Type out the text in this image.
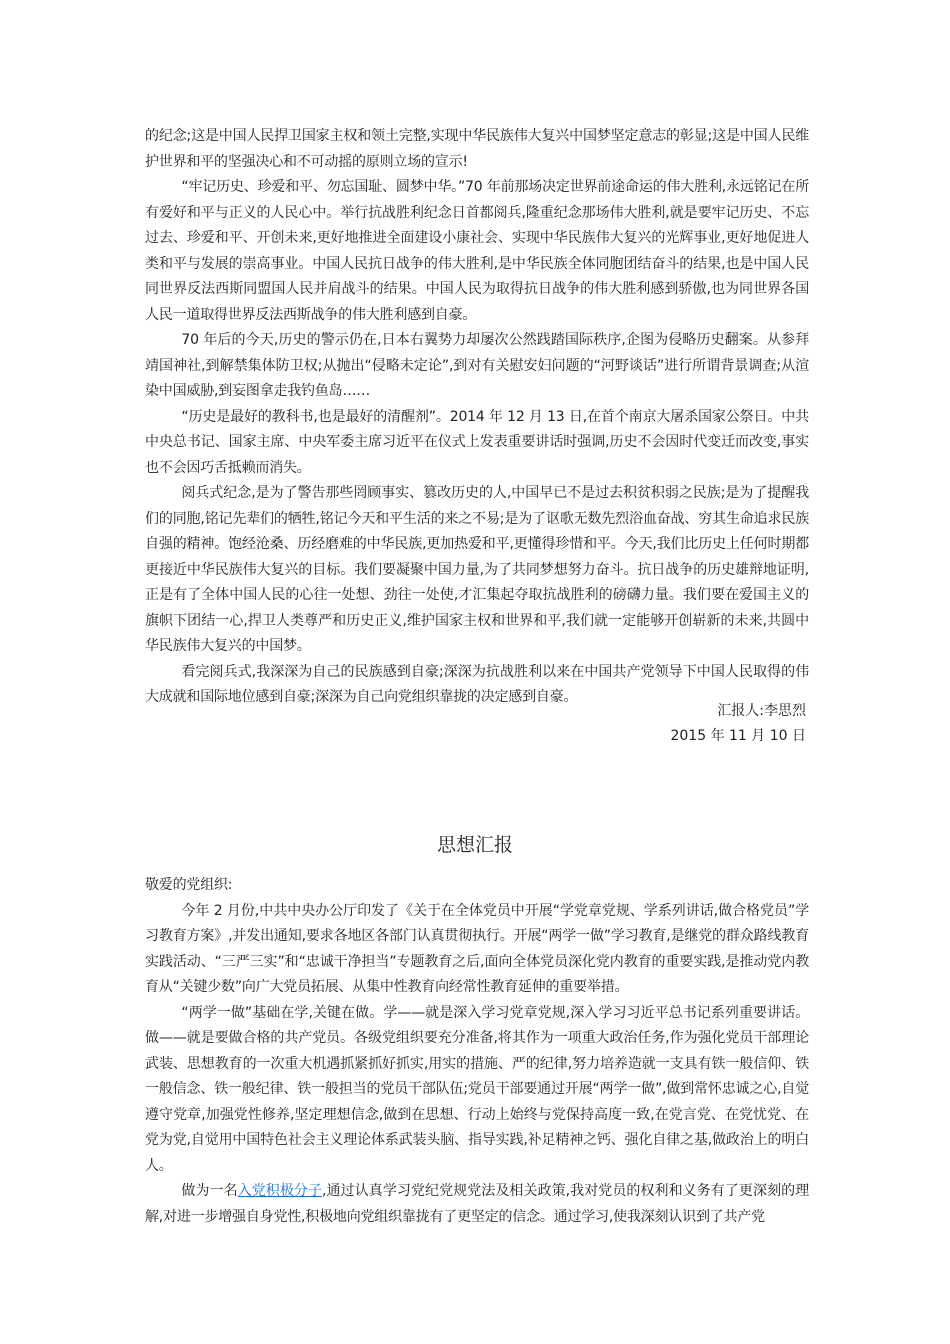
的纪念;这是中国人民捍卫国家主权和领土完整,实现中华民族伟大复兴中国梦坚定意志的彰显;这是中国人民维护世界和平的坚强决心和不可动摇的原则立场的宣示!

“牢记历史、珍爱和平、勿忘国耻、圆梦中华。”70 年前那场决定世界前途命运的伟大胜利,永远铭记在所有爱好和平与正义的人民心中。举行抗战胜利纪念日首都阅兵,隆重纪念那场伟大胜利,就是要牢记历史、不忘过去、珍爱和平、开创未来,更好地推进全面建设小康社会、实现中华民族伟大复兴的光辉事业,更好地促进人类和平与发展的崇高事业。中国人民抗日战争的伟大胜利,是中华民族全体同胞团结奋斗的结果,也是中国人民同世界反法西斯同盟国人民并肩战斗的结果。中国人民为取得抗日战争的伟大胜利感到骄傲,也为同世界各国人民一道取得世界反法西斯战争的伟大胜利感到自豪。

70 年后的今天,历史的警示仍在,日本右翼势力却屡次公然践踏国际秩序,企图为侵略历史翻案。从参拜靖国神社,到解禁集体防卫权;从抛出“侵略未定论”,到对有关慰安妇问题的“河野谈话”进行所谓背景调查;从渲染中国威胁,到妄图拿走我钓鱼岛……

“历史是最好的教科书,也是最好的清醒剂”。2014 年 12 月 13 日,在首个南京大屠杀国家公祭日。中共中央总书记、国家主席、中央军委主席习近平在仪式上发表重要讲话时强调,历史不会因时代变迁而改变,事实也不会因巧舌抵赖而消失。

阅兵式纪念,是为了警告那些罔顾事实、篡改历史的人,中国早已不是过去积贫积弱之民族;是为了提醒我们的同胞,铭记先辈们的牺牲,铭记今天和平生活的来之不易;是为了讴歌无数先烈浴血奋战、穷其生命追求民族自强的精神。饱经沧桑、历经磨难的中华民族,更加热爱和平,更懂得珍惜和平。今天,我们比历史上任何时期都更接近中华民族伟大复兴的目标。我们要凝聚中国力量,为了共同梦想努力奋斗。抗日战争的历史雄辩地证明,正是有了全体中国人民的心往一处想、劲往一处使,才汇集起夺取抗战胜利的磅礴力量。我们要在爱国主义的旗帜下团结一心,捍卫人类尊严和历史正义,维护国家主权和世界和平,我们就一定能够开创崭新的未来,共圆中华民族伟大复兴的中国梦。

看完阅兵式,我深深为自己的民族感到自豪;深深为抗战胜利以来在中国共产党领导下中国人民取得的伟大成就和国际地位感到自豪;深深为自己向党组织靠拢的决定感到自豪。

汇报人:李思烈
2015 年 11 月 10 日
思想汇报

敬爱的党组织:

今年 2 月份,中共中央办公厅印发了《关于在全体党员中开展“学党章党规、学系列讲话,做合格党员”学习教育方案》,并发出通知,要求各地区各部门认真贯彻执行。开展“两学一做”学习教育,是继党的群众路线教育实践活动、“三严三实”和“忠诚干净担当”专题教育之后,面向全体党员深化党内教育的重要实践,是推动党内教育从“关键少数”向广大党员拓展、从集中性教育向经常性教育延伸的重要举措。

“两学一做”基础在学,关键在做。学——就是深入学习党章党规,深入学习习近平总书记系列重要讲话。做——就是要做合格的共产党员。各级党组织要充分准备,将其作为一项重大政治任务,作为强化党员干部理论武装、思想教育的一次重大机遇抓紧抓好抓实,用实的措施、严的纪律,努力培养造就一支具有铁一般信仰、铁一般信念、铁一般纪律、铁一般担当的党员干部队伍;党员干部要通过开展“两学一做”,做到常怀忠诚之心,自觉遵守党章,加强党性修养,坚定理想信念,做到在思想、行动上始终与党保持高度一致,在党言党、在党忧党、在党为党,自觉用中国特色社会主义理论体系武装头脑、指导实践,补足精神之钙、强化自律之基,做政治上的明白人。

做为一名入党积极分子,通过认真学习党纪党规党法及相关政策,我对党员的权利和义务有了更深刻的理解,对进一步增强自身党性,积极地向党组织靠拢有了更坚定的信念。通过学习,使我深刻认识到了共产党
